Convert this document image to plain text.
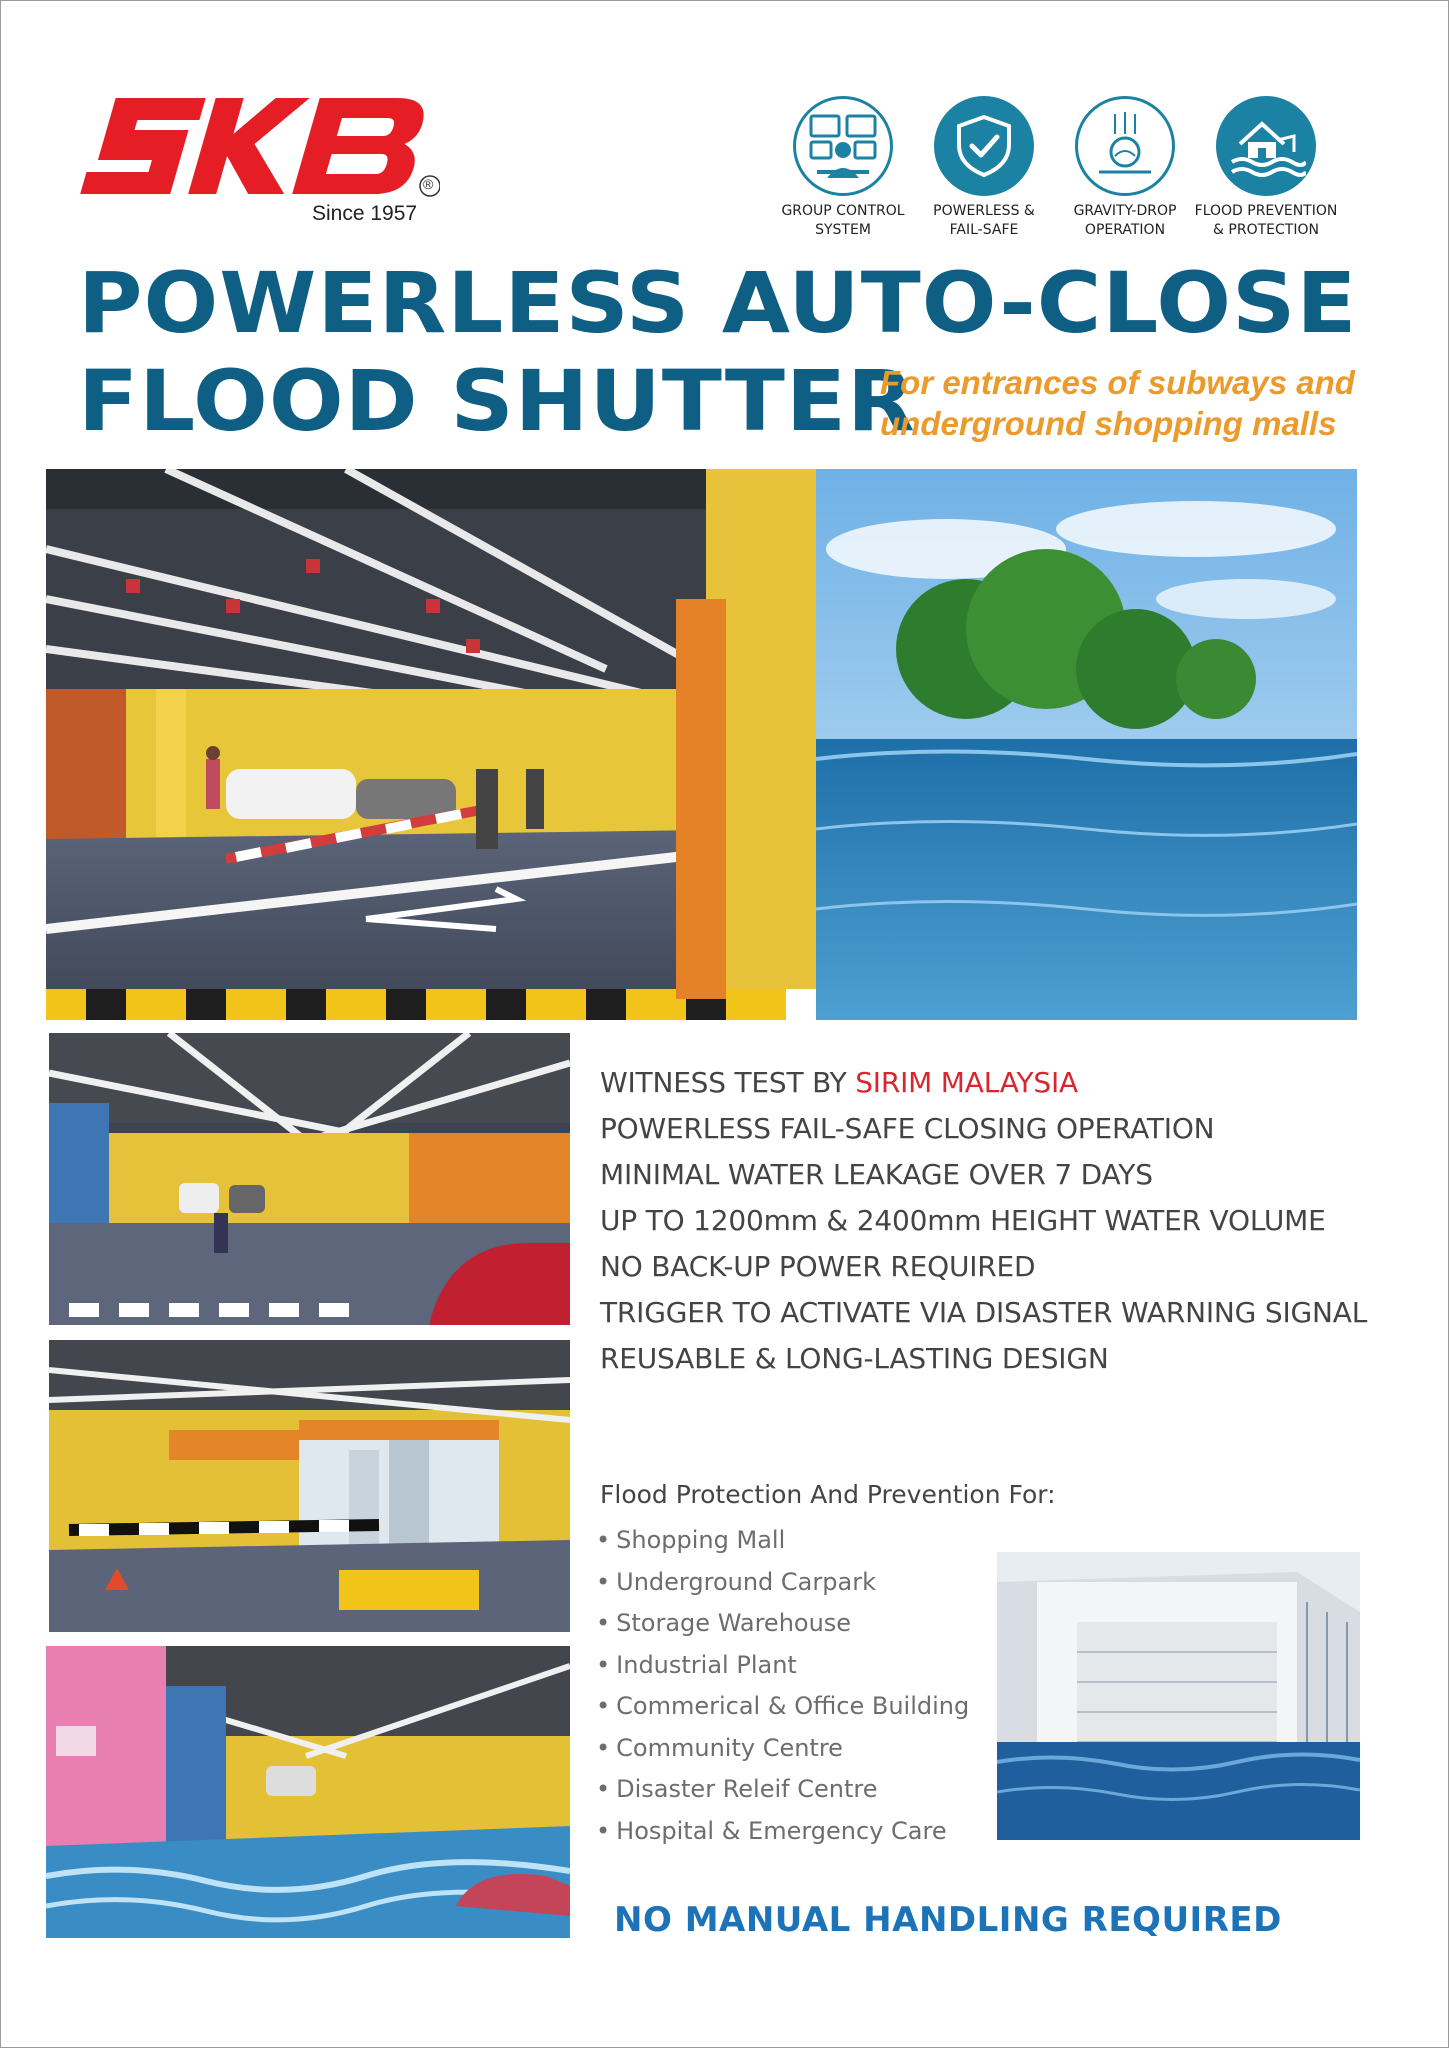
®
Since 1957	GROUP CONTROL
SYSTEM
POWERLESS &
FAIL-SAFE
GRAVITY-DROP
OPERATION
FLOOD PREVENTION
& PROTECTION
POWERLESS AUTO-CLOSE
FLOOD SHUTTER
For entrances of subways and
underground shopping malls
WITNESS TEST BY SIRIM MALAYSIA
POWERLESS FAIL-SAFE CLOSING OPERATION
MINIMAL WATER LEAKAGE OVER 7 DAYS
UP TO 1200mm & 2400mm HEIGHT WATER VOLUME
NO BACK-UP POWER REQUIRED
TRIGGER TO ACTIVATE VIA DISASTER WARNING SIGNAL
REUSABLE & LONG-LASTING DESIGN
Flood Protection And Prevention For:
• Shopping Mall
• Underground Carpark
• Storage Warehouse
• Industrial Plant
• Commerical & Office Building
• Community Centre
• Disaster Releif Centre
• Hospital & Emergency Care
NO MANUAL HANDLING REQUIRED
